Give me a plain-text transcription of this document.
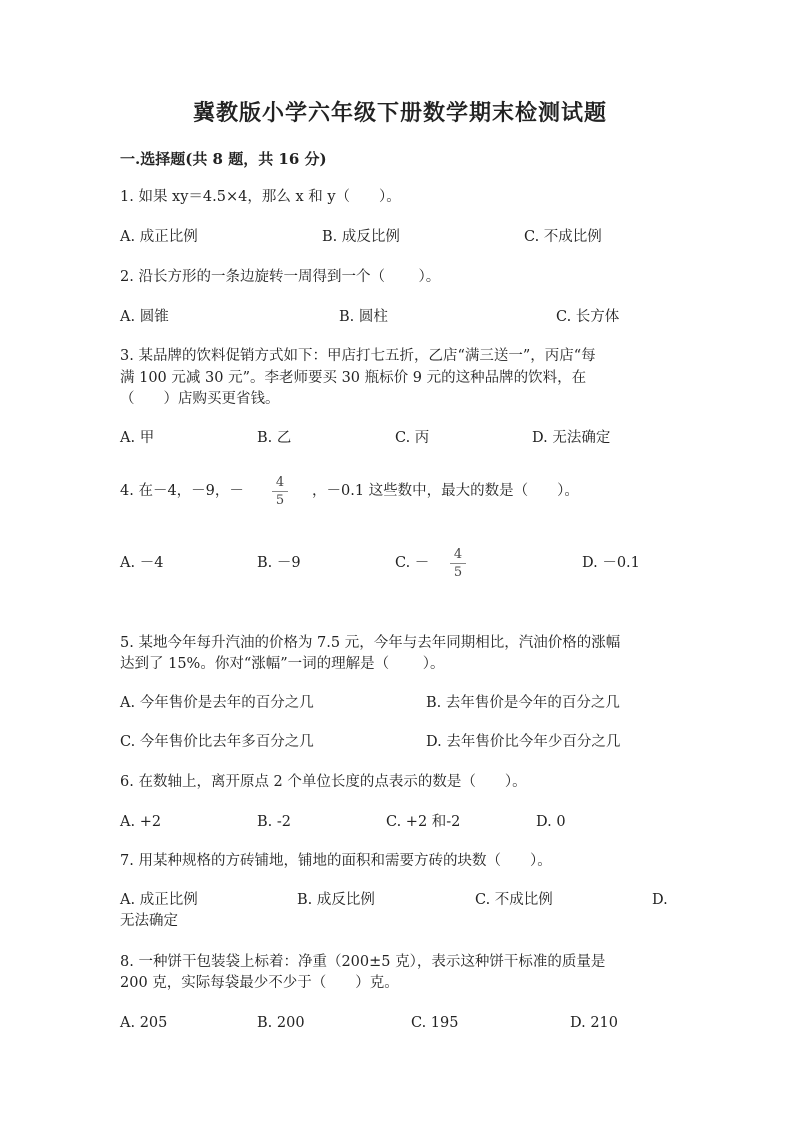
冀教版小学六年级下册数学期末检测试题
一.选择题(共 8 题，共 16 分)
1. 如果 xy＝4.5×4，那么 x 和 y（　　）。
A. 成正比例	B. 成反比例	C. 不成比例
2. 沿长方形的一条边旋转一周得到一个（　　 ）。
A. 圆锥	B. 圆柱	C. 长方体
3. 某品牌的饮料促销方式如下：甲店打七五折，乙店“满三送一”，丙店“每
满 100 元减 30 元”。李老师要买 30 瓶标价 9 元的这种品牌的饮料，在
（　　）店购买更省钱。
A. 甲	B. 乙	C. 丙	D. 无法确定
4. 在－4，－9，－
4
5
，－0.1 这些数中，最大的数是（　　）。
A. －4	B. －9	C. －
4
5
D. －0.1
5. 某地今年每升汽油的价格为 7.5 元，今年与去年同期相比，汽油价格的涨幅
达到了 15%。你对“涨幅”一词的理解是（　　 ）。
A. 今年售价是去年的百分之几	B. 去年售价是今年的百分之几
C. 今年售价比去年多百分之几	D. 去年售价比今年少百分之几
6. 在数轴上，离开原点 2 个单位长度的点表示的数是（　　）。
A. +2	B. -2	C. +2 和-2	D. 0
7. 用某种规格的方砖铺地，铺地的面积和需要方砖的块数（　　）。
A. 成正比例	B. 成反比例	C. 不成比例	D.
无法确定
8. 一种饼干包装袋上标着：净重（200±5 克），表示这种饼干标准的质量是
200 克，实际每袋最少不少于（　　）克。
A. 205	B. 200	C. 195	D. 210
